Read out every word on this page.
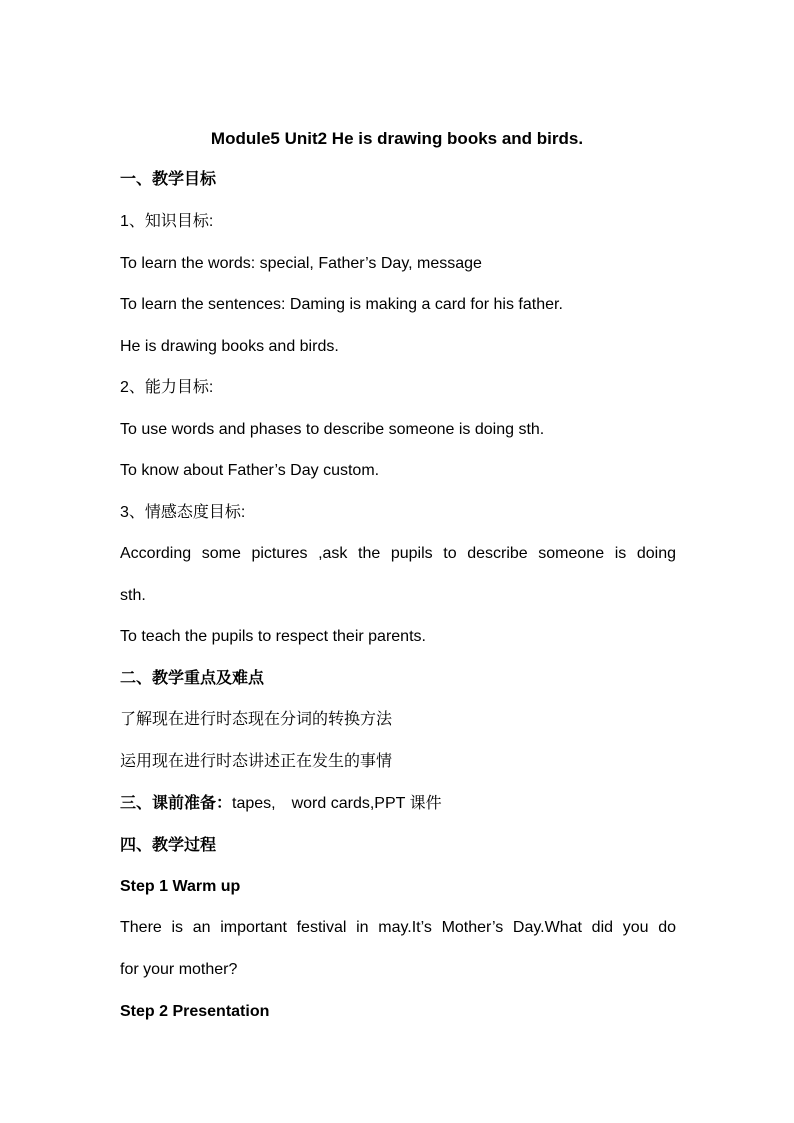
Module5 Unit2 He is drawing books and birds.
一、教学目标
1、知识目标:
To learn the words: special, Father’s Day, message
To learn the sentences: Daming is making a card for his father.
He is drawing books and birds.
2、能力目标:
To use words and phases to describe someone is doing sth.
To know about Father’s Day custom.
3、情感态度目标:
According some pictures ,ask the pupils to describe someone is doing
sth.
To teach the pupils to respect their parents.
二、教学重点及难点
了解现在进行时态现在分词的转换方法
运用现在进行时态讲述正在发生的事情
三、课前准备：tapes,　word cards,PPT 课件
四、教学过程
Step 1 Warm up
There is an important festival in may.It’s Mother’s Day.What did you do
for your mother?
Step 2 Presentation
